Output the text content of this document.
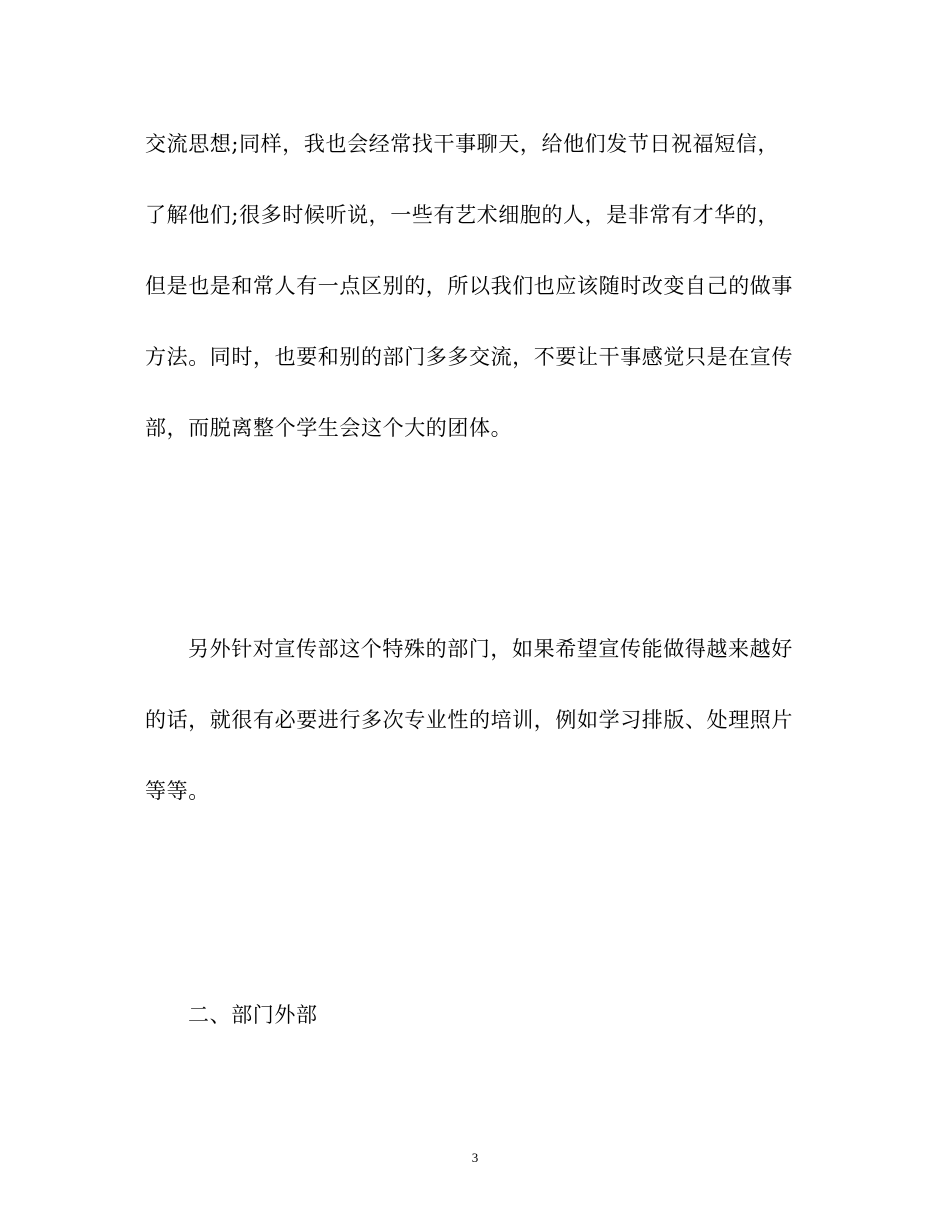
交流思想;同样，我也会经常找干事聊天，给他们发节日祝福短信，
了解他们;很多时候听说，一些有艺术细胞的人，是非常有才华的，
但是也是和常人有一点区别的，所以我们也应该随时改变自己的做事
方法。同时，也要和别的部门多多交流，不要让干事感觉只是在宣传
部，而脱离整个学生会这个大的团体。
另外针对宣传部这个特殊的部门，如果希望宣传能做得越来越好
的话，就很有必要进行多次专业性的培训，例如学习排版、处理照片
等等。
二、部门外部
3
